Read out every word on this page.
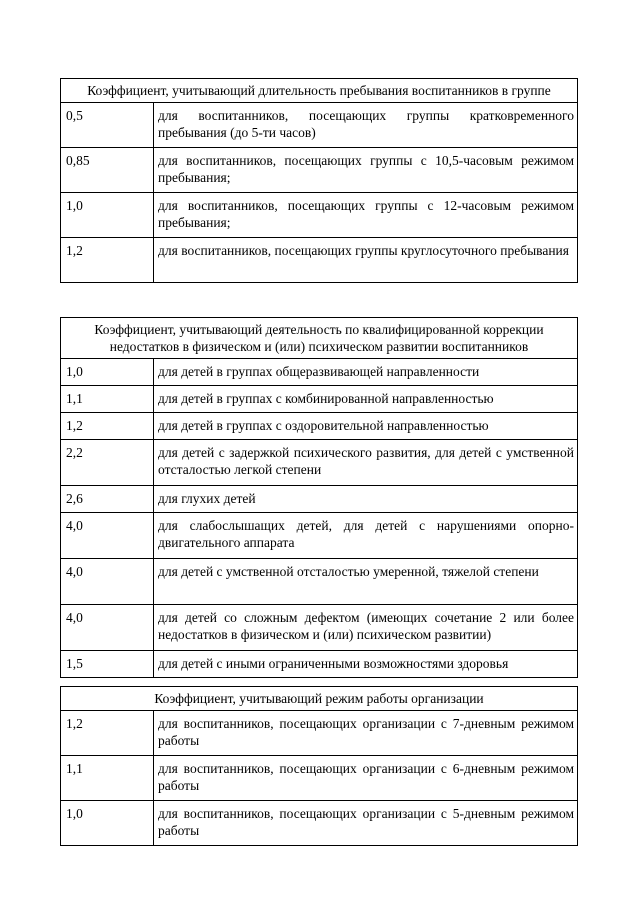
Коэффициент, учитывающий длительность пребывания воспитанников в группе	
0,5	для воспитанников, посещающих группы кратковременного пребывания (до 5-ти часов)
0,85	для воспитанников, посещающих группы с 10,5-часовым режимом пребывания;
1,0	для воспитанников, посещающих группы с 12-часовым режимом пребывания;
1,2	для воспитанников, посещающих группы круглосуточного пребывания
Коэффициент, учитывающий деятельность по квалифицированной коррекции недостатков в физическом и (или) психическом развитии воспитанников	
1,0	для детей в группах общеразвивающей направленности
1,1	для детей в группах с комбинированной направленностью
1,2	для детей в группах с оздоровительной направленностью
2,2	для детей с задержкой психического развития, для детей с умственной отсталостью легкой степени
2,6	для глухих детей
4,0	для слабослышащих детей, для детей с нарушениями опорно-двигательного аппарата
4,0	для детей с умственной отсталостью умеренной, тяжелой степени
4,0	для детей со сложным дефектом (имеющих сочетание 2 или более недостатков в физическом и (или) психическом развитии)
1,5	для детей с иными ограниченными возможностями здоровья
Коэффициент, учитывающий режим работы организации	
1,2	для воспитанников, посещающих организации с 7-дневным режимом работы
1,1	для воспитанников, посещающих организации с 6-дневным режимом работы
1,0	для воспитанников, посещающих организации с 5-дневным режимом работы
